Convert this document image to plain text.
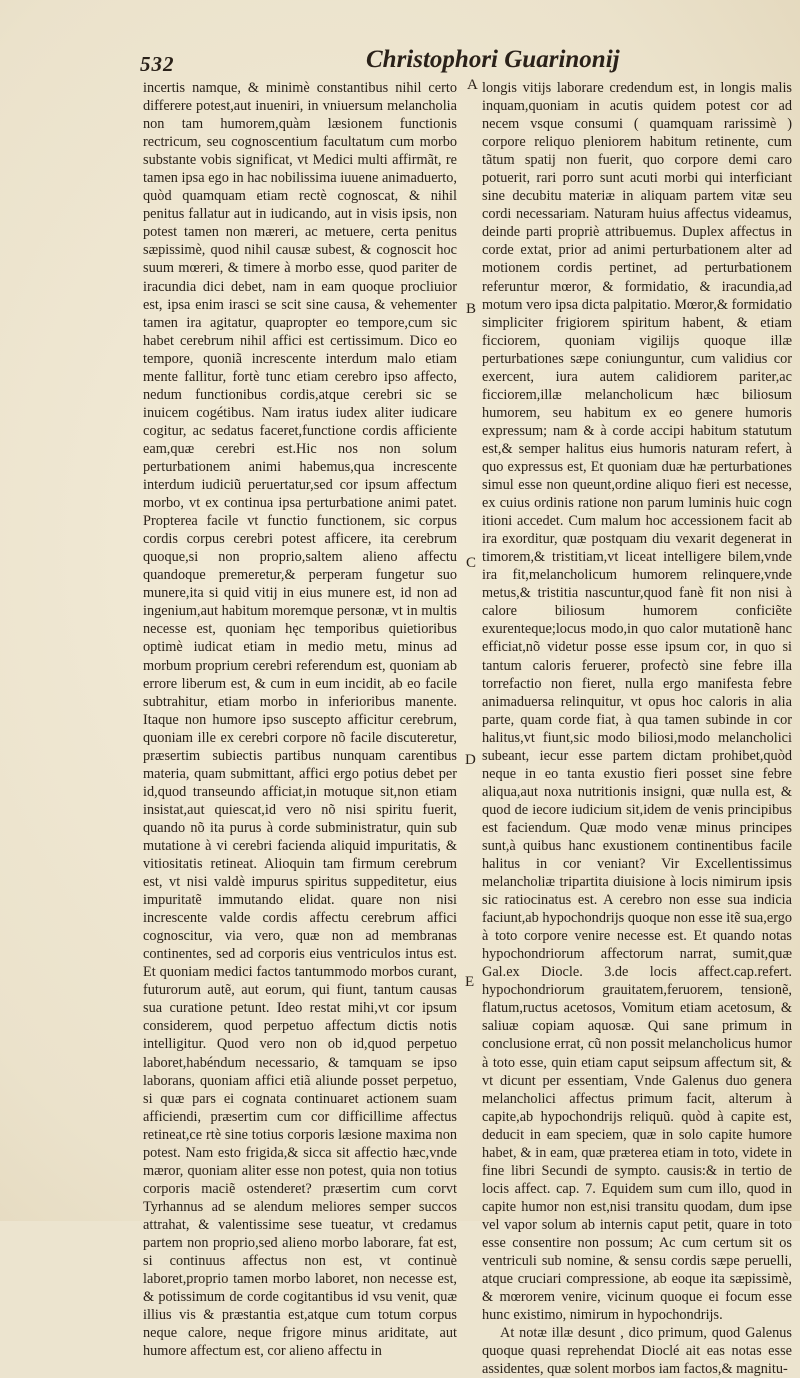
532	Christophori Guarinonij

incertis namque, & minimè constantibus nihil certo differere potest,aut inueniri, in vniuersum melancholia non tam humorem,quàm læsionem functionis rectricum, seu cognoscentium facultatum cum morbo substante vobis significat, vt Medici multi affirmãt, re tamen ipsa ego in hac nobilissima iuuene animaduerto, quòd quamquam etiam rectè cognoscat, & nihil penitus fallatur aut in iudicando, aut in visis ipsis, non potest tamen non mæreri, ac metuere, certa penitus sæpissimè, quod nihil causæ subest, & cognoscit hoc suum mœreri, & timere à morbo esse, quod pariter de iracundia dici debet, nam in eam quoque procliuior est, ipsa enim irasci se scit sine causa, & vehementer tamen ira agitatur, quapropter eo tempore,cum sic habet cerebrum nihil affici est certissimum. Dico eo tempore, quoniã increscente interdum malo etiam mente fallitur, fortè tunc etiam cerebro ipso affecto, nedum functionibus cordis,atque cerebri sic se inuicem cogétibus. Nam iratus iudex aliter iudicare cogitur, ac sedatus faceret,functione cordis afficiente eam,quæ cerebri est.Hic nos non solum perturbationem animi habemus,qua increscente interdum iudiciũ peruertatur,sed cor ipsum affectum morbo, vt ex continua ipsa perturbatione animi patet. Propterea facile vt functio functionem, sic corpus cordis corpus cerebri potest afficere, ita cerebrum quoque,si non proprio,saltem alieno affectu quandoque premeretur,& perperam fungetur suo munere,ita si quid vitij in eius munere est, id non ad ingenium,aut habitum moremque personæ, vt in multis necesse est, quoniam hęc temporibus quietioribus optimè iudicat etiam in medio metu, minus ad morbum proprium cerebri referendum est, quoniam ab errore liberum est, & cum in eum incidit, ab eo facile subtrahitur, etiam morbo in inferioribus manente. Itaque non humore ipso suscepto afficitur cerebrum, quoniam ille ex cerebri corpore nõ facile discuteretur, præsertim subiectis partibus nunquam carentibus materia, quam submittant, affici ergo potius debet per id,quod transeundo afficiat,in motuque sit,non etiam insistat,aut quiescat,id vero nõ nisi spiritu fuerit, quando nõ ita purus à corde subministratur, quin sub mutatione à vi cerebri facienda aliquid impuritatis, & vitiositatis retineat. Alioquin tam firmum cerebrum est, vt nisi valdè impurus spiritus suppeditetur, eius impuritatẽ immutando elidat. quare non nisi increscente valde cordis affectu cerebrum affici cognoscitur, via vero, quæ non ad membranas continentes, sed ad corporis eius ventriculos intus est. Et quoniam medici factos tantummodo morbos curant, futurorum autẽ, aut eorum, qui fiunt, tantum causas sua curatione petunt. Ideo restat mihi,vt cor ipsum considerem, quod perpetuo affectum dictis notis intelligitur. Quod vero non ob id,quod perpetuo laboret,habéndum necessario, & tamquam se ipso laborans, quoniam affici etiã aliunde posset perpetuo, si quæ pars ei cognata continuaret actionem suam afficiendi, præsertim cum cor difficillime affectus retineat,ce rtè sine totius corporis læsione maxima non potest. Nam esto frigida,& sicca sit affectio hæc,vnde mæror, quoniam aliter esse non potest, quia non totius corporis maciẽ ostenderet? præsertim cum corvt Tyrhannus ad se alendum meliores semper succos attrahat, & valentissime sese tueatur, vt credamus partem non proprio,sed alieno morbo laborare, fat est, si continuus affectus non est, vt continuè laboret,proprio tamen morbo laboret, non necesse est, & potissimum de corde cogitantibus id vsu venit, quæ illius vis & præstantia est,atque cum totum corpus neque calore, neque frigore minus ariditate, aut humore affectum est, cor alieno affectu in

A
B
C
D
E

longis vitijs laborare credendum est, in longis malis inquam,quoniam in acutis quidem potest cor ad necem vsque consumi ( quamquam rarissimè ) corpore reliquo pleniorem habitum retinente, cum tãtum spatij non fuerit, quo corpore demi caro potuerit, rari porro sunt acuti morbi qui interficiant sine decubitu materiæ in aliquam partem vitæ seu cordi necessariam. Naturam huius affectus videamus, deinde parti propriè attribuemus. Duplex affectus in corde extat, prior ad animi perturbationem alter ad motionem cordis pertinet, ad perturbationem referuntur mœror, & formidatio, & iracundia,ad motum vero ipsa dicta palpitatio. Mœror,& formidatio simpliciter frigiorem spiritum habent, & etiam ficciorem, quoniam vigilijs quoque illæ perturbationes sæpe coniunguntur, cum validius cor exercent, iura autem calidiorem pariter,ac ficciorem,illæ melancholicum hæc biliosum humorem, seu habitum ex eo genere humoris expressum; nam & à corde accipi habitum statutum est,& semper halitus eius humoris naturam refert, à quo expressus est, Et quoniam duæ hæ perturbationes simul esse non queunt,ordine aliquo fieri est necesse, ex cuius ordinis ratione non parum luminis huic cogn itioni accedet. Cum malum hoc accessionem facit ab ira exorditur, quæ postquam diu vexarit degenerat in timorem,& tristitiam,vt liceat intelligere bilem,vnde ira fit,melancholicum humorem relinquere,vnde metus,& tristitia nascuntur,quod fanè fit non nisi à calore biliosum humorem conficiẽte exurenteque;locus modo,in quo calor mutationẽ hanc efficiat,nõ videtur posse esse ipsum cor, in quo si tantum caloris feruerer, profectò sine febre illa torrefactio non fieret, nulla ergo manifesta febre animaduersa relinquitur, vt opus hoc caloris in alia parte, quam corde fiat, à qua tamen subinde in cor halitus,vt fiunt,sic modo biliosi,modo melancholici subeant, iecur esse partem dictam prohibet,quòd neque in eo tanta exustio fieri posset sine febre aliqua,aut noxa nutritionis insigni, quæ nulla est, & quod de iecore iudicium sit,idem de venis principibus est faciendum. Quæ modo venæ minus principes sunt,à quibus hanc exustionem continentibus facile halitus in cor veniant? Vir Excellentissimus melancholiæ tripartita diuisione à locis nimirum ipsis sic ratiocinatus est. A cerebro non esse sua indicia faciunt,ab hypochondrijs quoque non esse itẽ sua,ergo à toto corpore venire necesse est. Et quando notas hypochondriorum affectorum narrat, sumit,quæ Gal.ex Diocle. 3.de locis affect.cap.refert. hypochondriorum grauitatem,feruorem, tensionẽ, flatum,ructus acetosos, Vomitum etiam acetosum, & saliuæ copiam aquosæ. Qui sane primum in conclusione errat, cũ non possit melancholicus humor à toto esse, quin etiam caput seipsum affectum sit, & vt dicunt per essentiam, Vnde Galenus duo genera melancholici affectus primum facit, alterum à capite,ab hypochondrijs reliquũ. quòd à capite est, deducit in eam speciem, quæ in solo capite humore habet, & in eam, quæ præterea etiam in toto, videte in fine libri Secundi de sympto. causis:& in tertio de locis affect. cap. 7. Equidem sum cum illo, quod in capite humor non est,nisi transitu quodam, dum ipse vel vapor solum ab internis caput petit, quare in toto esse consentire non possum; Ac cum certum sit os ventriculi sub nomine, & sensu cordis sæpe peruelli, atque cruciari compressione, ab eoque ita sæpissimè, & mœrorem venire, vicinum quoque ei focum esse hunc existimo, nimirum in hypochondrijs.

At notæ illæ desunt , dico primum, quod Galenus quoque quasi reprehendat Dioclé ait eas notas esse assidentes, quæ solent morbos iam factos,& magnitu-
